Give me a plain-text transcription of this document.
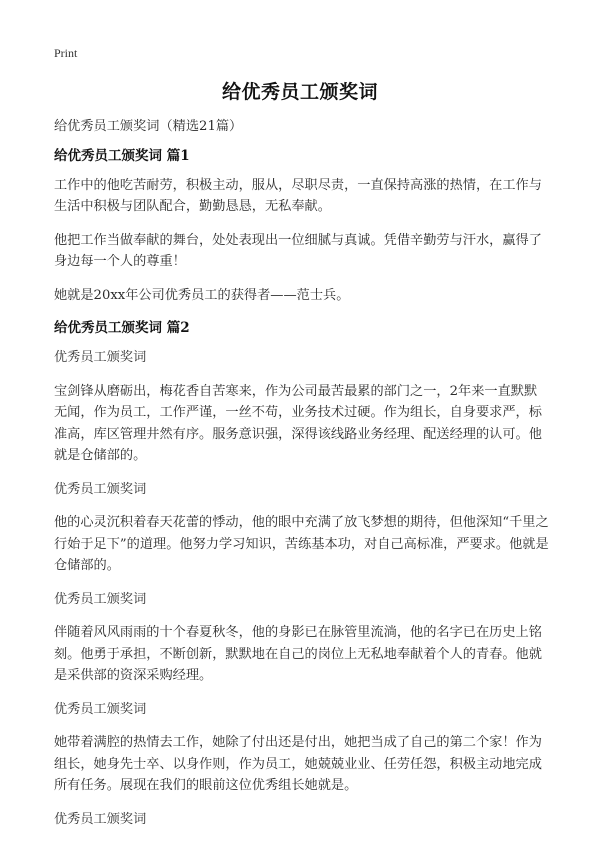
Print
给优秀员工颁奖词

给优秀员工颁奖词（精选21篇）

给优秀员工颁奖词 篇1

工作中的他吃苦耐劳，积极主动，服从，尽职尽责，一直保持高涨的热情，在工作与生活中积极与团队配合，勤勤恳恳，无私奉献。

他把工作当做奉献的舞台，处处表现出一位细腻与真诚。凭借辛勤劳与汗水，赢得了身边每一个人的尊重！

她就是20xx年公司优秀员工的获得者——范士兵。

给优秀员工颁奖词 篇2

优秀员工颁奖词

宝剑锋从磨砺出，梅花香自苦寒来，作为公司最苦最累的部门之一，2年来一直默默无闻，作为员工，工作严谨，一丝不苟，业务技术过硬。作为组长，自身要求严，标准高，库区管理井然有序。服务意识强，深得该线路业务经理、配送经理的认可。他就是仓储部的。

优秀员工颁奖词

他的心灵沉积着春天花蕾的悸动，他的眼中充满了放飞梦想的期待，但他深知“千里之行始于足下”的道理。他努力学习知识，苦练基本功，对自己高标准，严要求。他就是仓储部的。

优秀员工颁奖词

伴随着风风雨雨的十个春夏秋冬，他的身影已在脉管里流淌，他的名字已在历史上铭刻。他勇于承担，不断创新，默默地在自己的岗位上无私地奉献着个人的青春。他就是采供部的资深采购经理。

优秀员工颁奖词

她带着满腔的热情去工作，她除了付出还是付出，她把当成了自己的第二个家！作为组长，她身先士卒、以身作则，作为员工，她兢兢业业、任劳任怨，积极主动地完成所有任务。展现在我们的眼前这位优秀组长她就是。

优秀员工颁奖词
